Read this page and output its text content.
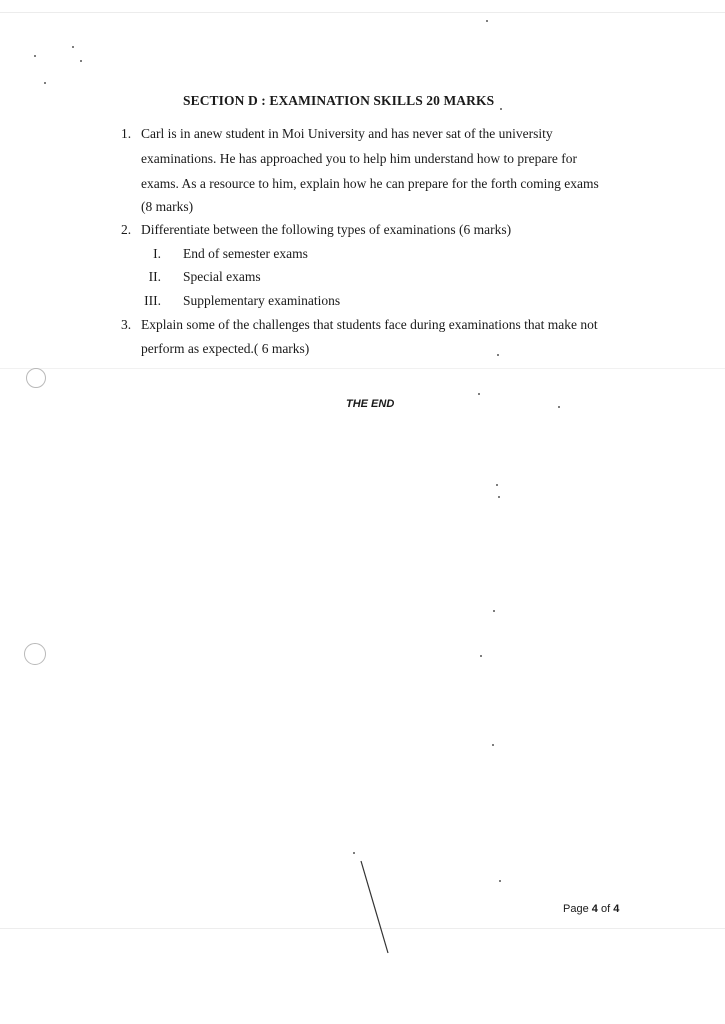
SECTION D : EXAMINATION SKILLS 20 MARKS
1. Carl is in anew student in Moi University and has never sat of the university
examinations. He has approached you to help him understand how to prepare for
exams. As a resource to him, explain how he can prepare for the forth coming exams
(8 marks)
2. Differentiate between the following types of examinations (6 marks)
I. End of semester exams
II. Special exams
III. Supplementary examinations
3. Explain some of the challenges that students face during examinations that make not
perform as expected.( 6 marks)
THE END
Page 4 of 4
